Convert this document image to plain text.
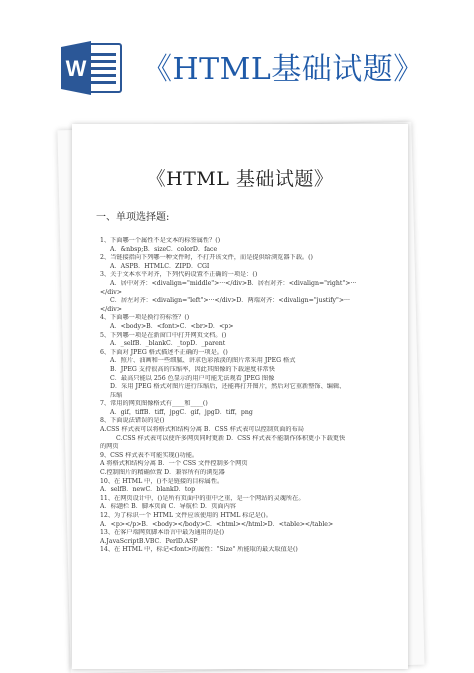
W 《HTML基础试题》
《HTML 基础试题》
一、单项选择题:
1、下面哪一个属性不是文本的标签属性？()
A．&nbsp;B．sizeC．colorD．face
2、当链接指向下列哪一种文件时，不打开该文件，而是提供给浏览器下载。()
A．ASPB．HTMLC．ZIPD．CGI
3、关于文本水平对齐，下列代码设置不正确的一项是：()
A．居中对齐：<divalign="middle">···</div>B．居右对齐：<divalign="right">···
</div>
C．居左对齐：<divalign="left">···</div>D．两端对齐：<divalign="justify">···
</div>
4、下面哪一项是换行符标签？()
A．<body>B．<font>C．<br>D．<p>
5、下列哪一项是在新窗口中打开网页文档。()
A．_selfB．_blankC．_topD．_parent
6、下面对 JPEG 格式描述不正确的一项是。()
A．照片、油画和一些细腻、讲求色彩浓淡的图片常采用 JPEG 格式
B．JPEG 支持很高的压缩率，因此其图像的下载速度非常快
C．最高只能以 256 色显示的用户可能无法观看 JPEG 图像
D．采用 JPEG 格式对图片进行压缩后，还能再打开图片，然后对它重新整饰、编辑、
压缩
7、常用的网页图像格式有____和____()
A．gif，tiffB．tiff，jpgC．gif，jpgD．tiff，png
8、下面说法错误的是()
A.CSS 样式表可以将格式和结构分离 B．CSS 样式表可以控制页面的布局
C.CSS 样式表可以使许多网页同时更新 D．CSS 样式表不能制作体积更小下载更快
的网页
9、CSS 样式表不可能实现()功能。
A 将格式和结构分离 B．一个 CSS 文件控制多个网页
C.控制图片的精确位置 D．兼容所有的浏览器
10、在 HTML 中，()不是链接的目标属性。
A．selfB．newC．blankD．top
11、在网页设计中，()是所有页面中的重中之重，是一个网站的灵魂所在。
A．标题栏 B．脚本页面 C．导航栏 D．页面内容
12、为了标识一个 HTML 文件应该使用的 HTML 标记是()。
A．<p></p>B．<body></body>C．<html></html>D．<table></table>
13、在客户端网页脚本语言中最为通用的是()
A.JavaScriptB.VBC．PerlD.ASP
14、在 HTML 中，标记<font>的属性："Size" 所能取的最大取值是()
